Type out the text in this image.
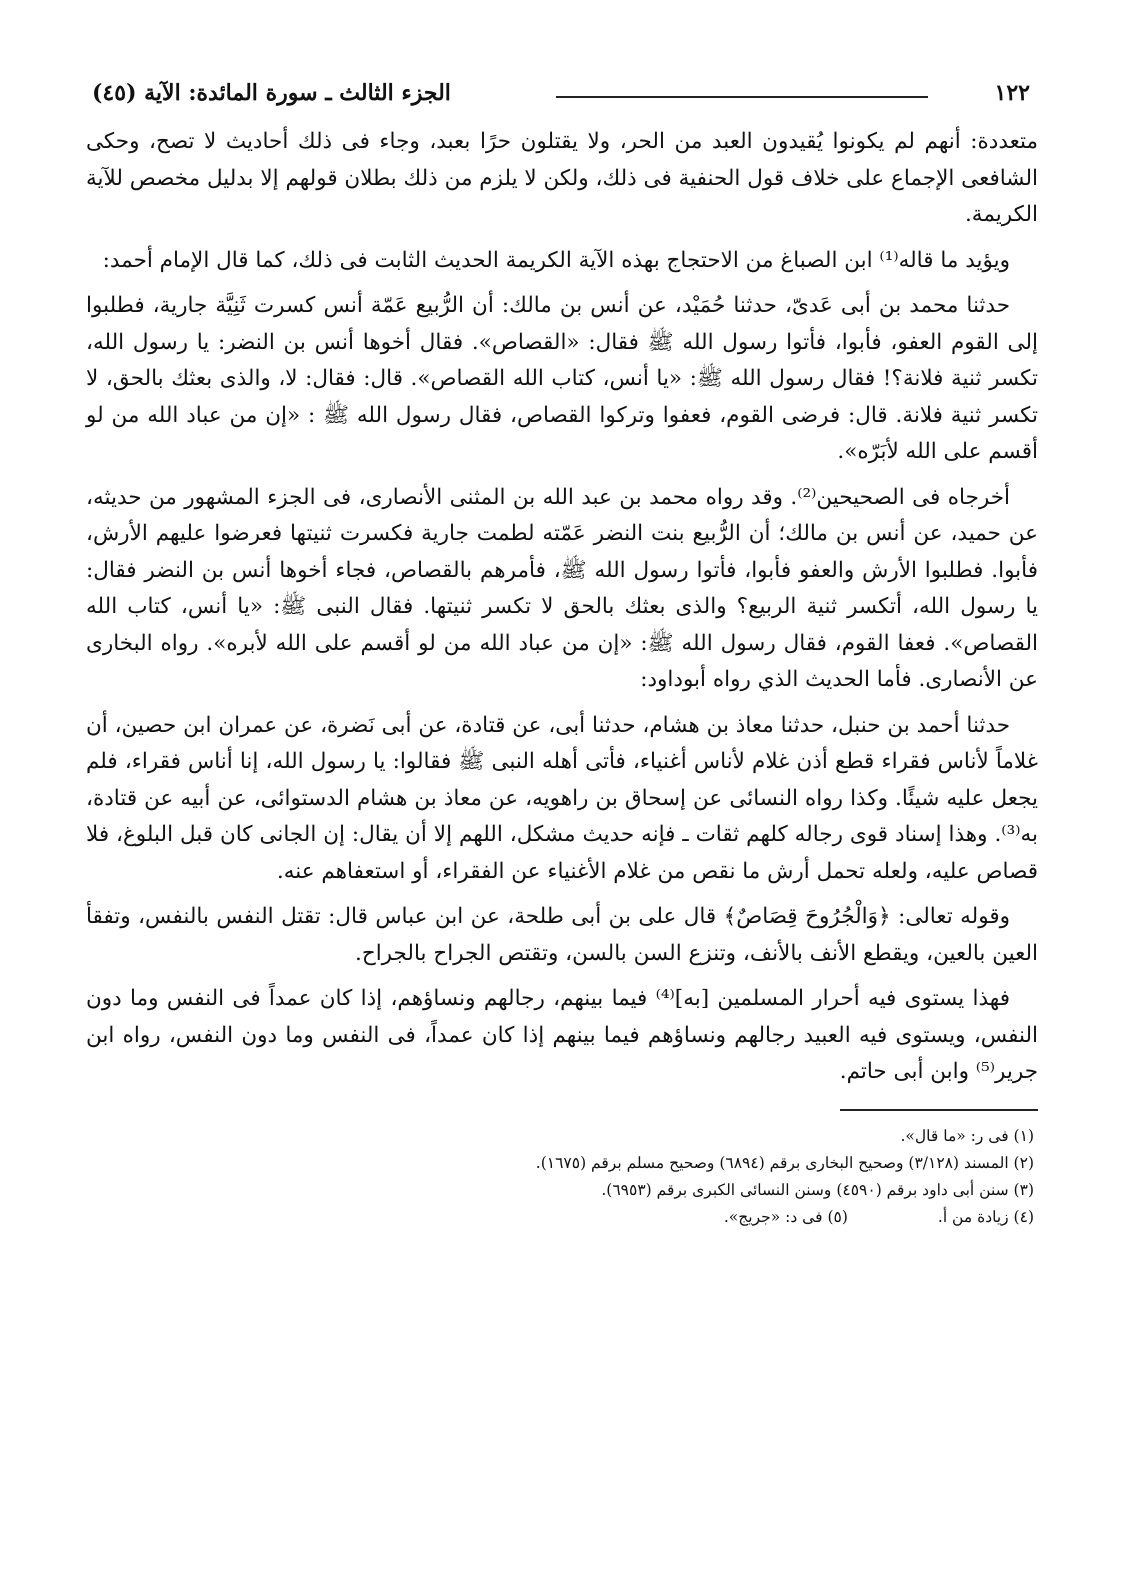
١٢٢
الجزء الثالث ـ سورة المائدة: الآية (٤٥)

متعددة: أنهم لم يكونوا يُقيدون العبد من الحر، ولا يقتلون حرًا بعبد، وجاء فى ذلك أحاديث لا تصح، وحكى الشافعى الإجماع على خلاف قول الحنفية فى ذلك، ولكن لا يلزم من ذلك بطلان قولهم إلا بدليل مخصص للآية الكريمة.

ويؤيد ما قاله⁽¹⁾ ابن الصباغ من الاحتجاج بهذه الآية الكريمة الحديث الثابت فى ذلك، كما قال الإمام أحمد:

حدثنا محمد بن أبى عَدىّ، حدثنا حُمَيْد، عن أنس بن مالك: أن الرُّبيع عَمّة أنس كسرت ثَنِيَّة جارية، فطلبوا إلى القوم العفو، فأبوا، فأتوا رسول الله ﷺ فقال: «القصاص». فقال أخوها أنس بن النضر: يا رسول الله، تكسر ثنية فلانة؟! فقال رسول الله ﷺ: «يا أنس، كتاب الله القصاص». قال: فقال: لا، والذى بعثك بالحق، لا تكسر ثنية فلانة. قال: فرضى القوم، فعفوا وتركوا القصاص، فقال رسول الله ﷺ : «إن من عباد الله من لو أقسم على الله لأبَرّه».

أخرجاه فى الصحيحين⁽²⁾. وقد رواه محمد بن عبد الله بن المثنى الأنصارى، فى الجزء المشهور من حديثه، عن حميد، عن أنس بن مالك؛ أن الرُّبيع بنت النضر عَمّته لطمت جارية فكسرت ثنيتها فعرضوا عليهم الأرش، فأبوا. فطلبوا الأرش والعفو فأبوا، فأتوا رسول الله ﷺ، فأمرهم بالقصاص، فجاء أخوها أنس بن النضر فقال: يا رسول الله، أتكسر ثنية الربيع؟ والذى بعثك بالحق لا تكسر ثنيتها. فقال النبى ﷺ: «يا أنس، كتاب الله القصاص». فعفا القوم، فقال رسول الله ﷺ: «إن من عباد الله من لو أقسم على الله لأبره». رواه البخارى عن الأنصارى. فأما الحديث الذي رواه أبوداود:

حدثنا أحمد بن حنبل، حدثنا معاذ بن هشام، حدثنا أبى، عن قتادة، عن أبى نَضرة، عن عمران ابن حصين، أن غلاماً لأناس فقراء قطع أذن غلام لأناس أغنياء، فأتى أهله النبى ﷺ فقالوا: يا رسول الله، إنا أناس فقراء، فلم يجعل عليه شيئًا. وكذا رواه النسائى عن إسحاق بن راهويه، عن معاذ بن هشام الدستوائى، عن أبيه عن قتادة، به⁽³⁾. وهذا إسناد قوى رجاله كلهم ثقات ـ فإنه حديث مشكل، اللهم إلا أن يقال: إن الجانى كان قبل البلوغ، فلا قصاص عليه، ولعله تحمل أرش ما نقص من غلام الأغنياء عن الفقراء، أو استعفاهم عنه.

وقوله تعالى: ﴿وَالْجُرُوحَ قِصَاصٌ﴾ قال على بن أبى طلحة، عن ابن عباس قال: تقتل النفس بالنفس، وتفقأ العين بالعين، ويقطع الأنف بالأنف، وتنزع السن بالسن، وتقتص الجراح بالجراح.

فهذا يستوى فيه أحرار المسلمين [به]⁽⁴⁾ فيما بينهم، رجالهم ونساؤهم، إذا كان عمداً فى النفس وما دون النفس، ويستوى فيه العبيد رجالهم ونساؤهم فيما بينهم إذا كان عمداً، فى النفس وما دون النفس، رواه ابن جرير⁽⁵⁾ وابن أبى حاتم.

(١) فى ر: «ما قال».

(٢) المسند (٣/١٢٨) وصحيح البخارى برقم (٦٨٩٤) وصحيح مسلم برقم (١٦٧٥).

(٣) سنن أبى داود برقم (٤٥٩٠) وسنن النسائى الكبرى برقم (٦٩٥٣).

(٤) زيادة من أ.
(٥) فى د: «جريج».
